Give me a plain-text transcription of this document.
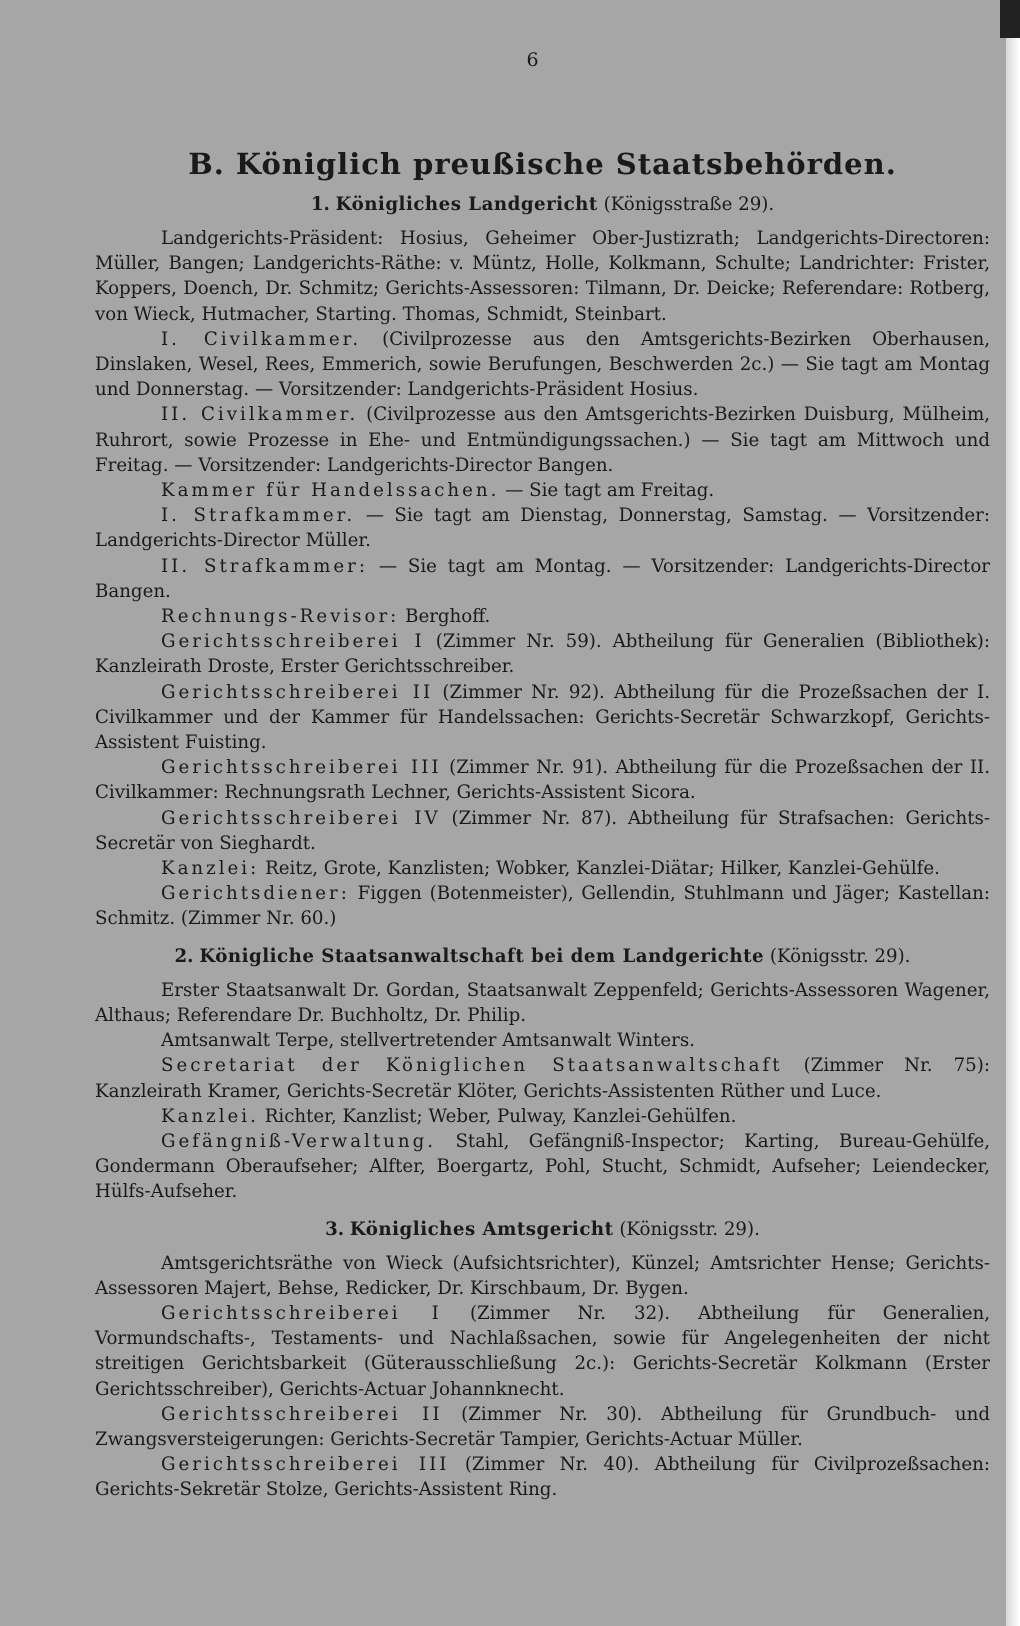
6
B. Königlich preußische Staatsbehörden.
1. Königliches Landgericht (Königsstraße 29).

Landgerichts-Präsident: Hosius, Geheimer Ober-Justizrath; Landgerichts-Directoren: Müller, Bangen; Landgerichts-Räthe: v. Müntz, Holle, Kolkmann, Schulte; Landrichter: Frister, Koppers, Doench, Dr. Schmitz; Gerichts-Assessoren: Tilmann, Dr. Deicke; Referendare: Rotberg, von Wieck, Hutmacher, Starting. Thomas, Schmidt, Steinbart.

I. Civilkammer. (Civilprozesse aus den Amtsgerichts-Bezirken Oberhausen, Dinslaken, Wesel, Rees, Emmerich, sowie Berufungen, Beschwerden 2c.) — Sie tagt am Montag und Donnerstag. — Vorsitzender: Landgerichts-Präsident Hosius.

II. Civilkammer. (Civilprozesse aus den Amtsgerichts-Bezirken Duisburg, Mülheim, Ruhrort, sowie Prozesse in Ehe- und Entmündigungssachen.) — Sie tagt am Mittwoch und Freitag. — Vorsitzender: Landgerichts-Director Bangen.

Kammer für Handelssachen. — Sie tagt am Freitag.

I. Strafkammer. — Sie tagt am Dienstag, Donnerstag, Samstag. — Vorsitzender: Landgerichts-Director Müller.

II. Strafkammer: — Sie tagt am Montag. — Vorsitzender: Landgerichts-Director Bangen.

Rechnungs-Revisor: Berghoff.

Gerichtsschreiberei I (Zimmer Nr. 59). Abtheilung für Generalien (Bibliothek): Kanzleirath Droste, Erster Gerichtsschreiber.

Gerichtsschreiberei II (Zimmer Nr. 92). Abtheilung für die Prozeßsachen der I. Civilkammer und der Kammer für Handelssachen: Gerichts-Secretär Schwarzkopf, Gerichts-Assistent Fuisting.

Gerichtsschreiberei III (Zimmer Nr. 91). Abtheilung für die Prozeßsachen der II. Civilkammer: Rechnungsrath Lechner, Gerichts-Assistent Sicora.

Gerichtsschreiberei IV (Zimmer Nr. 87). Abtheilung für Strafsachen: Gerichts-Secretär von Sieghardt.

Kanzlei: Reitz, Grote, Kanzlisten; Wobker, Kanzlei-Diätar; Hilker, Kanzlei-Gehülfe.

Gerichtsdiener: Figgen (Botenmeister), Gellendin, Stuhlmann und Jäger; Kastellan: Schmitz. (Zimmer Nr. 60.)

2. Königliche Staatsanwaltschaft bei dem Landgerichte (Königsstr. 29).

Erster Staatsanwalt Dr. Gordan, Staatsanwalt Zeppenfeld; Gerichts-Assessoren Wagener, Althaus; Referendare Dr. Buchholtz, Dr. Philip.

Amtsanwalt Terpe, stellvertretender Amtsanwalt Winters.

Secretariat der Königlichen Staatsanwaltschaft (Zimmer Nr. 75): Kanzleirath Kramer, Gerichts-Secretär Klöter, Gerichts-Assistenten Rüther und Luce.

Kanzlei. Richter, Kanzlist; Weber, Pulway, Kanzlei-Gehülfen.

Gefängniß-Verwaltung. Stahl, Gefängniß-Inspector; Karting, Bureau-Gehülfe, Gondermann Oberaufseher; Alfter, Boergartz, Pohl, Stucht, Schmidt, Aufseher; Leiendecker, Hülfs-Aufseher.

3. Königliches Amtsgericht (Königsstr. 29).

Amtsgerichtsräthe von Wieck (Aufsichtsrichter), Künzel; Amtsrichter Hense; Gerichts-Assessoren Majert, Behse, Redicker, Dr. Kirschbaum, Dr. Bygen.

Gerichtsschreiberei I (Zimmer Nr. 32). Abtheilung für Generalien, Vormundschafts-, Testaments- und Nachlaßsachen, sowie für Angelegenheiten der nicht streitigen Gerichtsbarkeit (Güterausschließung 2c.): Gerichts-Secretär Kolkmann (Erster Gerichtsschreiber), Gerichts-Actuar Johannknecht.

Gerichtsschreiberei II (Zimmer Nr. 30). Abtheilung für Grundbuch- und Zwangsversteigerungen: Gerichts-Secretär Tampier, Gerichts-Actuar Müller.

Gerichtsschreiberei III (Zimmer Nr. 40). Abtheilung für Civilprozeßsachen: Gerichts-Sekretär Stolze, Gerichts-Assistent Ring.
